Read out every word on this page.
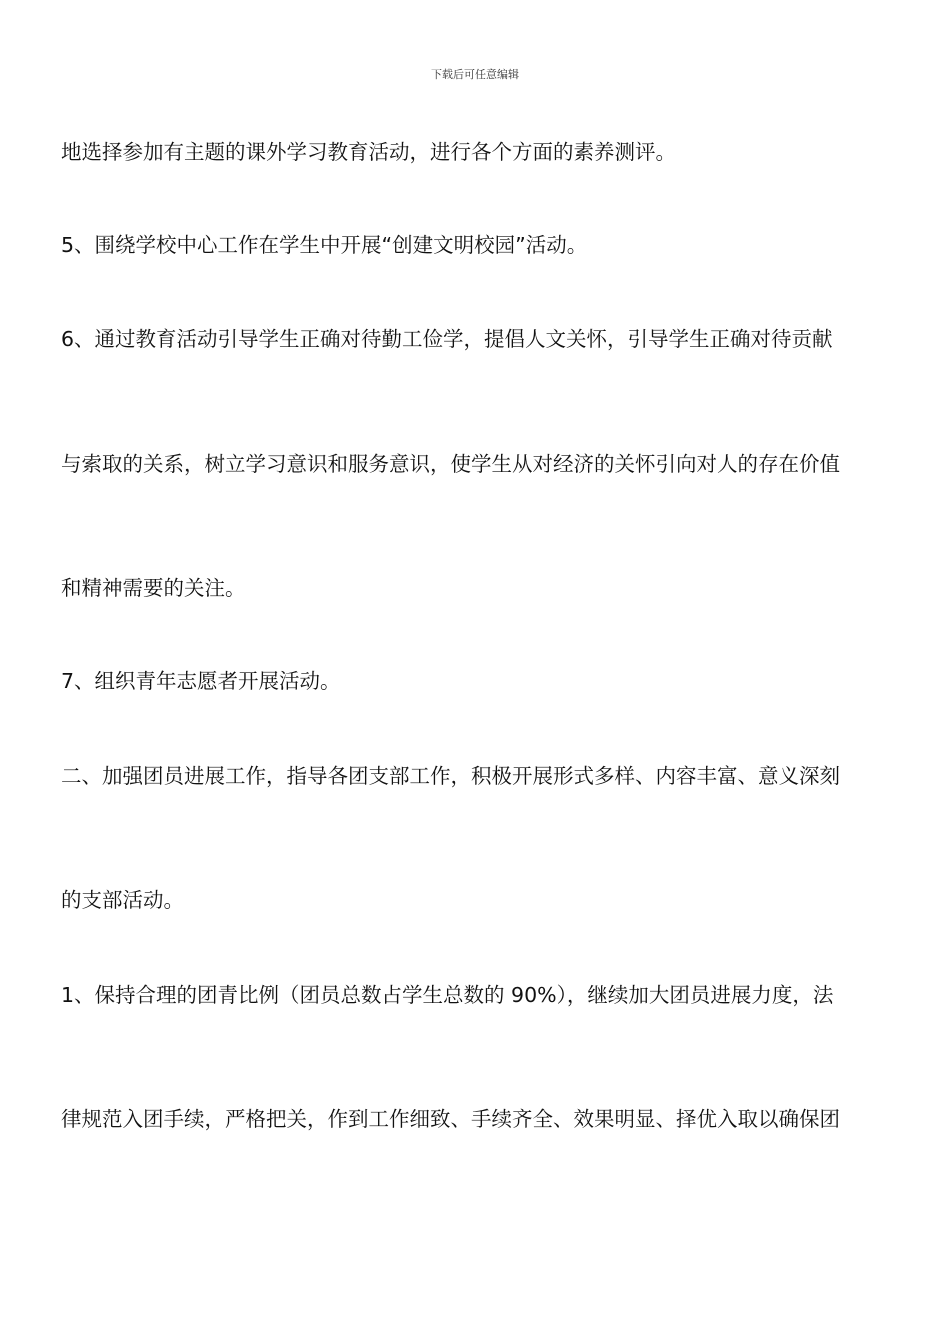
下载后可任意编辑
地选择参加有主题的课外学习教育活动，进行各个方面的素养测评。
5、围绕学校中心工作在学生中开展“创建文明校园”活动。
6、通过教育活动引导学生正确对待勤工俭学，提倡人文关怀，引导学生正确对待贡献
与索取的关系，树立学习意识和服务意识，使学生从对经济的关怀引向对人的存在价值
和精神需要的关注。
7、组织青年志愿者开展活动。
二、加强团员进展工作，指导各团支部工作，积极开展形式多样、内容丰富、意义深刻
的支部活动。
1、保持合理的团青比例（团员总数占学生总数的 90%），继续加大团员进展力度，法
律规范入团手续，严格把关，作到工作细致、手续齐全、效果明显、择优入取以确保团
